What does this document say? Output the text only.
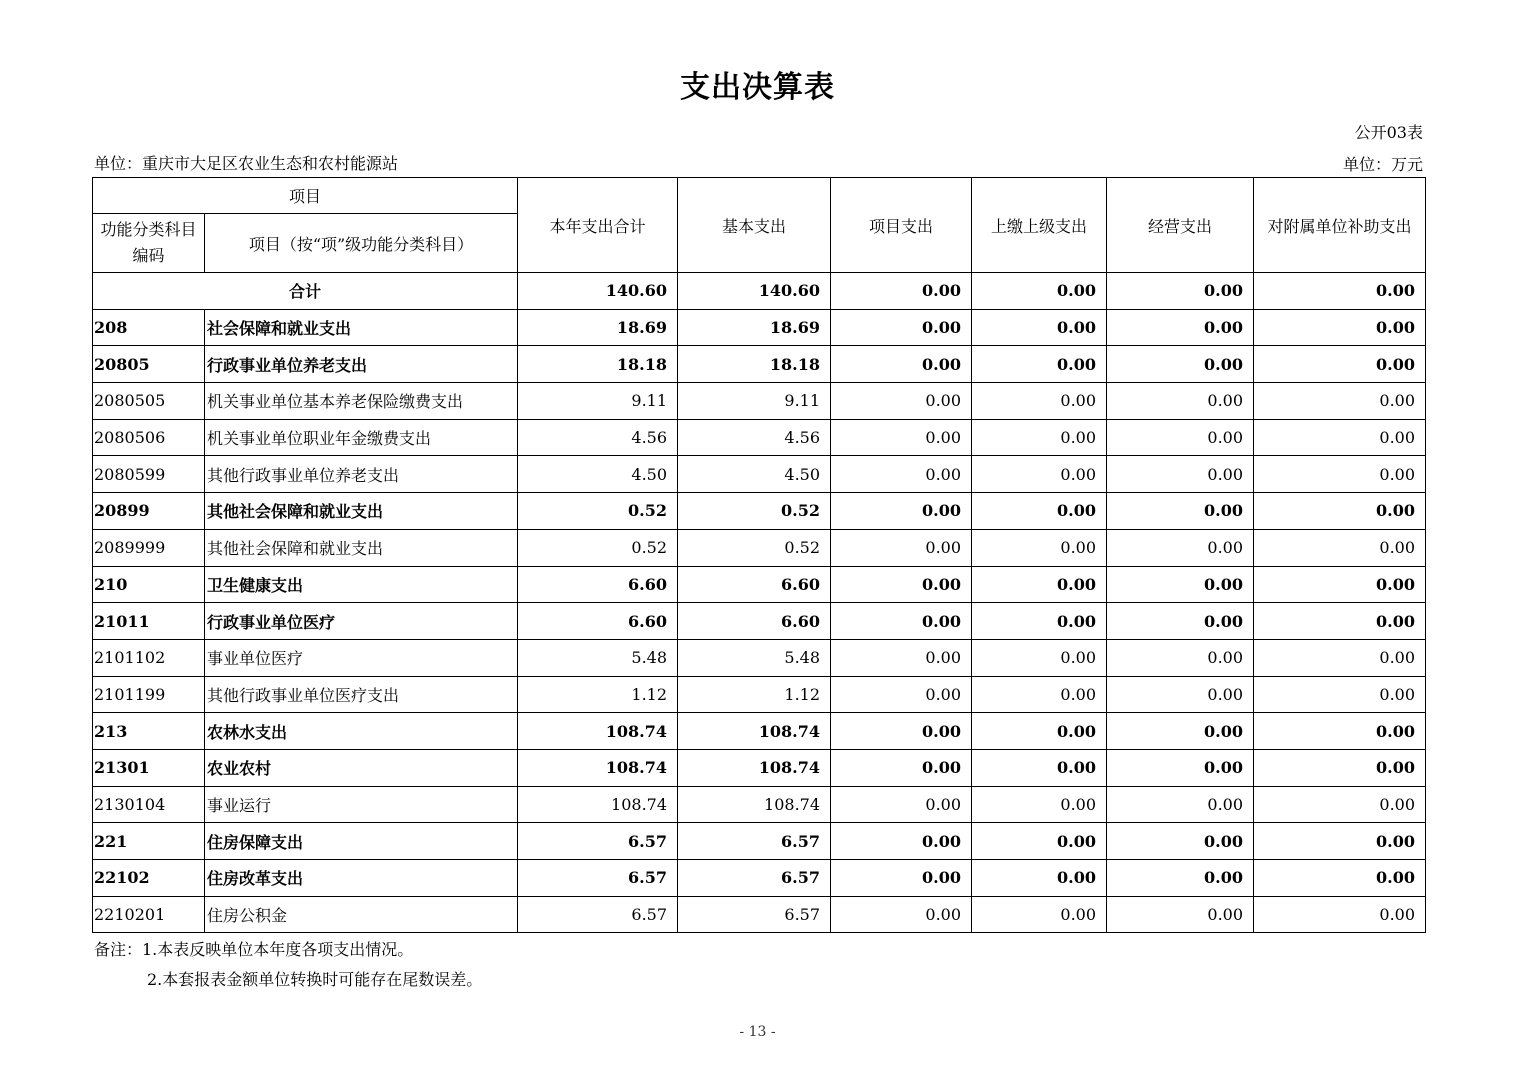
支出决算表
公开03表
单位：重庆市大足区农业生态和农村能源站	单位：万元
项目		本年支出合计	基本支出	项目支出	上缴上级支出	经营支出	对附属单位补助支出
功能分类科目编码	项目（按“项”级功能分类科目）						
合计		140.60	140.60	0.00	0.00	0.00	0.00
208	社会保障和就业支出	18.69	18.69	0.00	0.00	0.00	0.00
20805	行政事业单位养老支出	18.18	18.18	0.00	0.00	0.00	0.00
2080505	机关事业单位基本养老保险缴费支出	9.11	9.11	0.00	0.00	0.00	0.00
2080506	机关事业单位职业年金缴费支出	4.56	4.56	0.00	0.00	0.00	0.00
2080599	其他行政事业单位养老支出	4.50	4.50	0.00	0.00	0.00	0.00
20899	其他社会保障和就业支出	0.52	0.52	0.00	0.00	0.00	0.00
2089999	其他社会保障和就业支出	0.52	0.52	0.00	0.00	0.00	0.00
210	卫生健康支出	6.60	6.60	0.00	0.00	0.00	0.00
21011	行政事业单位医疗	6.60	6.60	0.00	0.00	0.00	0.00
2101102	事业单位医疗	5.48	5.48	0.00	0.00	0.00	0.00
2101199	其他行政事业单位医疗支出	1.12	1.12	0.00	0.00	0.00	0.00
213	农林水支出	108.74	108.74	0.00	0.00	0.00	0.00
21301	农业农村	108.74	108.74	0.00	0.00	0.00	0.00
2130104	事业运行	108.74	108.74	0.00	0.00	0.00	0.00
221	住房保障支出	6.57	6.57	0.00	0.00	0.00	0.00
22102	住房改革支出	6.57	6.57	0.00	0.00	0.00	0.00
2210201	住房公积金	6.57	6.57	0.00	0.00	0.00	0.00
备注：1.本表反映单位本年度各项支出情况。
2.本套报表金额单位转换时可能存在尾数误差。
- 13 -
